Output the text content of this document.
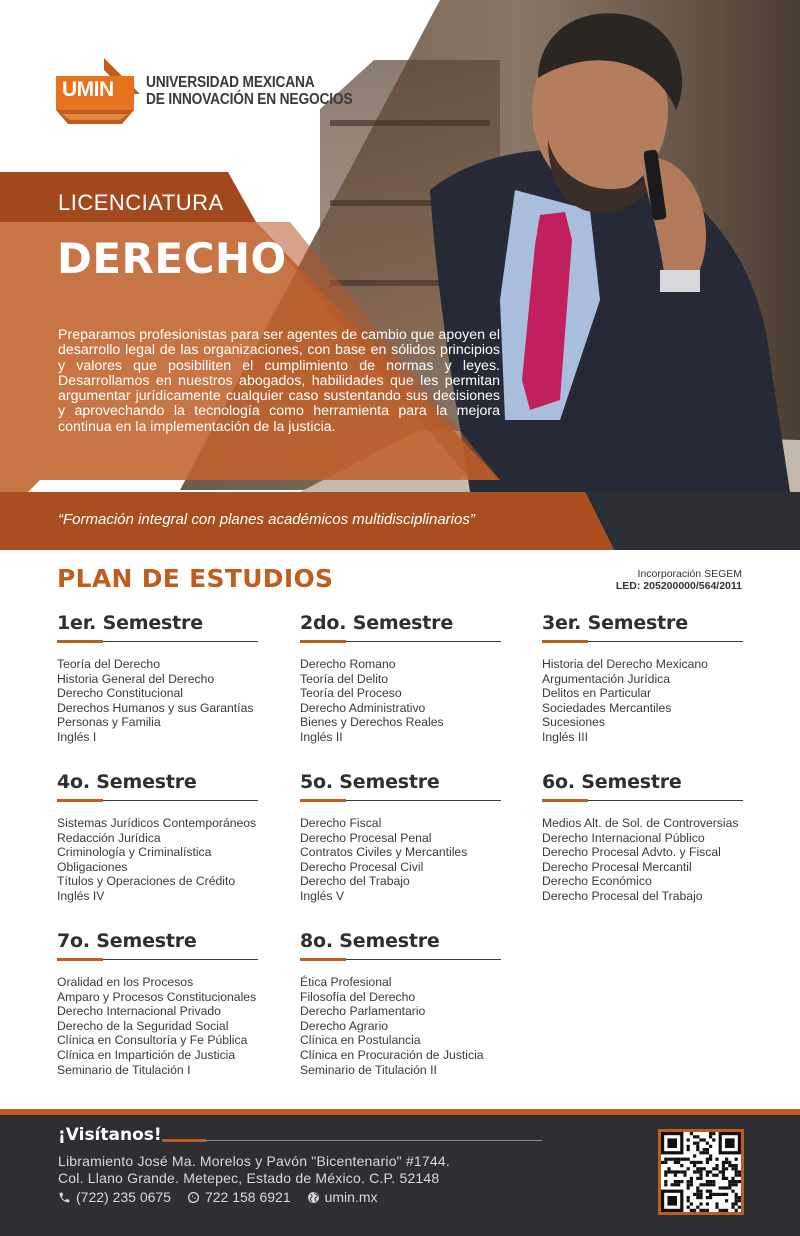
UMIN UNIVERSIDAD MEXICANA
DE INNOVACIÓN EN NEGOCIOS
LICENCIATURA
DERECHO

Preparamos profesionistas para ser agentes de cambio que apoyen el desarrollo legal de las organizaciones, con base en sólidos principios y valores que posibiliten el cumplimiento de normas y leyes. Desarrollamos en nuestros abogados, habilidades que les permitan argumentar jurídicamente cualquier caso sustentando sus decisiones y aprovechando la tecnología como herramienta para la mejora continua en la implementación de la justicia.

“Formación integral con planes académicos multidisciplinarios”
PLAN DE ESTUDIOS	Incorporación SEGEM
LED: 205200000/564/2011
1er. Semestre
Teoría del Derecho
Historia General del Derecho
Derecho Constitucional
Derechos Humanos y sus Garantías
Personas y Familia
Inglés I
2do. Semestre
Derecho Romano
Teoría del Delito
Teoría del Proceso
Derecho Administrativo
Bienes y Derechos Reales
Inglés II
3er. Semestre
Historia del Derecho Mexicano
Argumentación Jurídica
Delitos en Particular
Sociedades Mercantiles
Sucesiones
Inglés III
4o. Semestre
Sistemas Jurídicos Contemporáneos
Redacción Jurídica
Criminología y Criminalística
Obligaciones
Títulos y Operaciones de Crédito
Inglés IV
5o. Semestre
Derecho Fiscal
Derecho Procesal Penal
Contratos Civiles y Mercantiles
Derecho Procesal Civil
Derecho del Trabajo
Inglés V
6o. Semestre
Medios Alt. de Sol. de Controversias
Derecho Internacional Público
Derecho Procesal Advto. y Fiscal
Derecho Procesal Mercantil
Derecho Económico
Derecho Procesal del Trabajo
7o. Semestre
Oralidad en los Procesos
Amparo y Procesos Constitucionales
Derecho Internacional Privado
Derecho de la Seguridad Social
Clínica en Consultoría y Fe Pública
Clínica en Impartición de Justicia
Seminario de Titulación I
8o. Semestre
Ética Profesional
Filosofía del Derecho
Derecho Parlamentario
Derecho Agrario
Clínica en Postulancia
Clínica en Procuración de Justicia
Seminario de Titulación II
¡Visítanos!
Libramiento José Ma. Morelos y Pavón "Bicentenario" #1744.
Col. Llano Grande. Metepec, Estado de México. C.P. 52148
(722) 235 0675 722 158 6921 umin.mx
